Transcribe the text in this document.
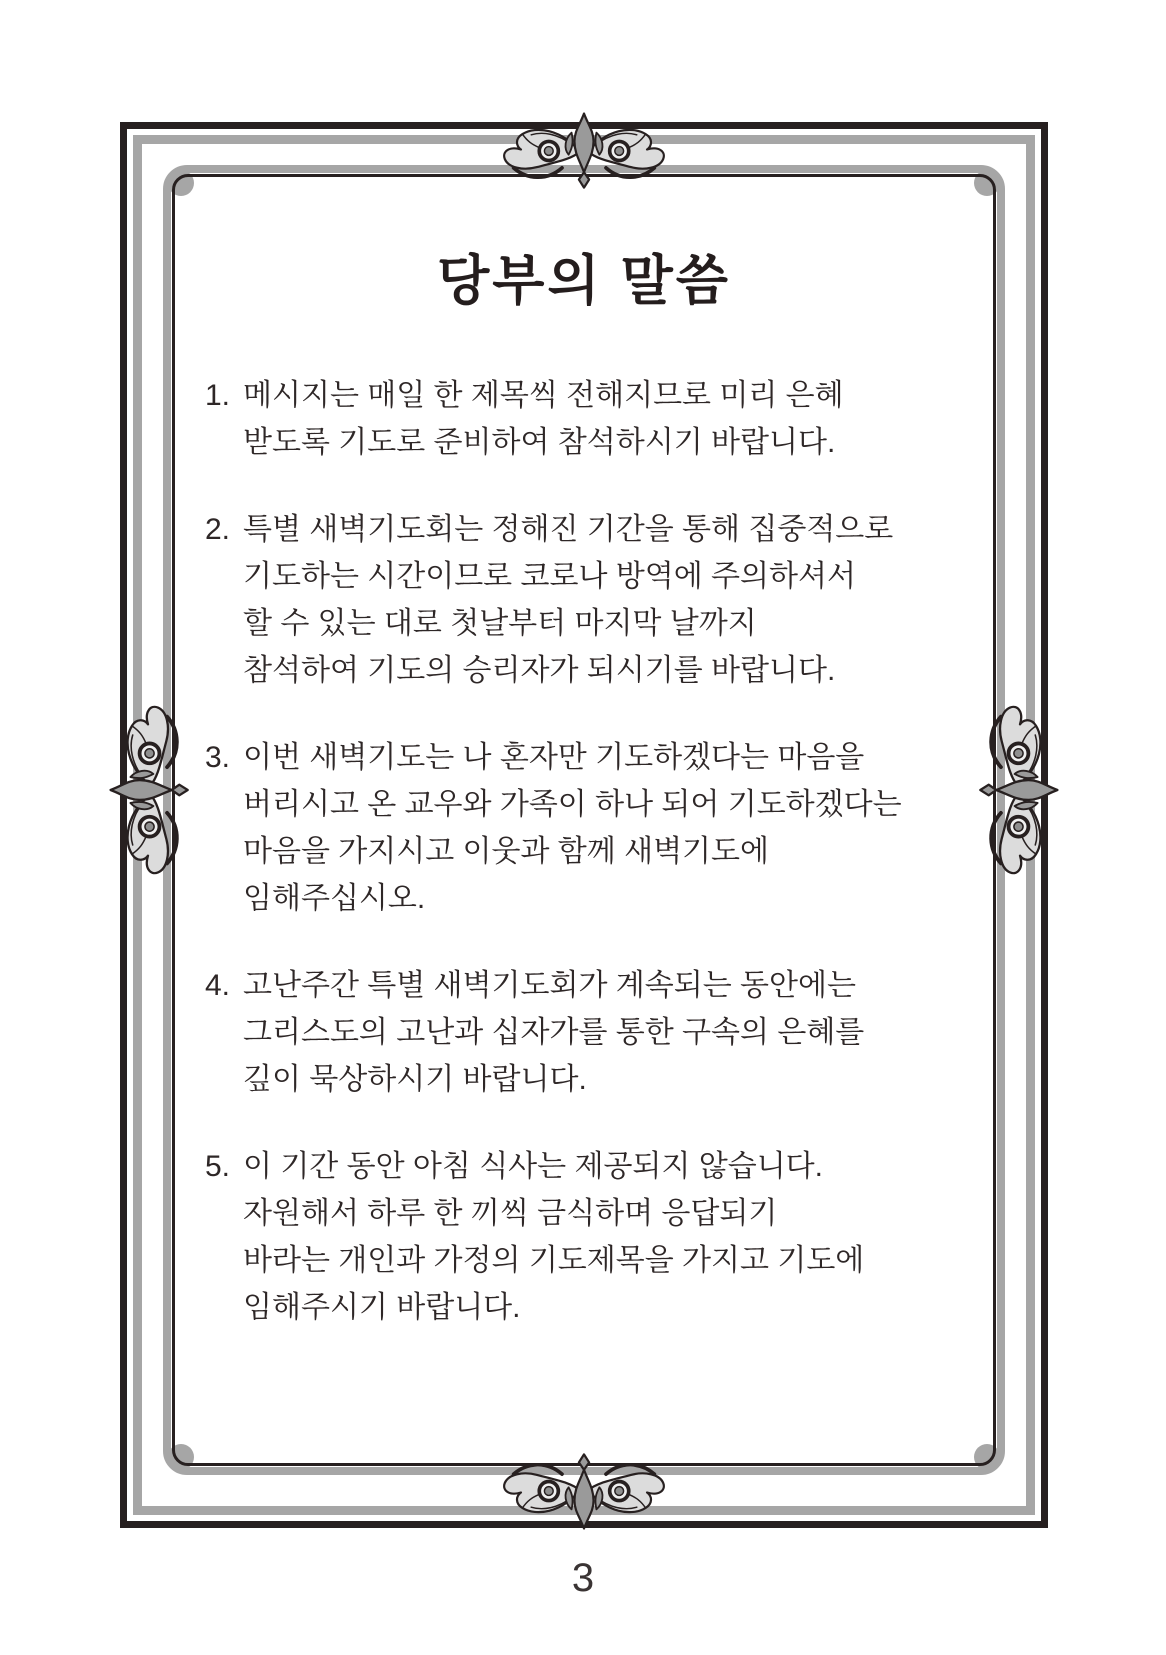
당부의 말씀
1. 메시지는 매일 한 제목씩 전해지므로 미리 은혜
받도록 기도로 준비하여 참석하시기 바랍니다.
2. 특별 새벽기도회는 정해진 기간을 통해 집중적으로
기도하는 시간이므로 코로나 방역에 주의하셔서
할 수 있는 대로 첫날부터 마지막 날까지
참석하여 기도의 승리자가 되시기를 바랍니다.
3. 이번 새벽기도는 나 혼자만 기도하겠다는 마음을
버리시고 온 교우와 가족이 하나 되어 기도하겠다는
마음을 가지시고 이웃과 함께 새벽기도에
임해주십시오.
4. 고난주간 특별 새벽기도회가 계속되는 동안에는
그리스도의 고난과 십자가를 통한 구속의 은혜를
깊이 묵상하시기 바랍니다.
5. 이 기간 동안 아침 식사는 제공되지 않습니다.
자원해서 하루 한 끼씩 금식하며 응답되기
바라는 개인과 가정의 기도제목을 가지고 기도에
임해주시기 바랍니다.
3
